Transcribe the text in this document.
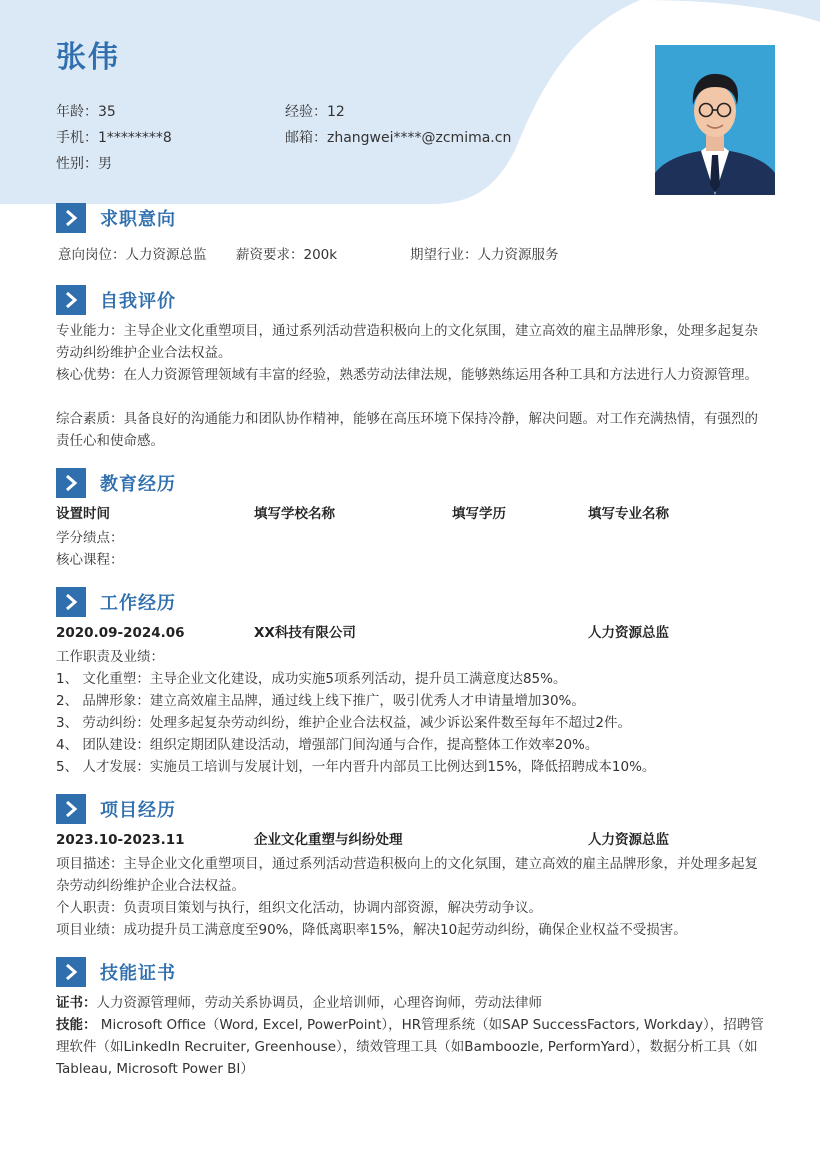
张伟
年龄：35	经验：12
手机：1********8	邮箱：zhangwei****@zcmima.cn
性别：男
求职意向
意向岗位：人力资源总监 薪资要求：200k	期望行业：人力资源服务
自我评价
专业能力：主导企业文化重塑项目，通过系列活动营造积极向上的文化氛围，建立高效的雇主品牌形象，处理多起复杂劳动纠纷维护企业合法权益。
核心优势：在人力资源管理领域有丰富的经验，熟悉劳动法律法规，能够熟练运用各种工具和方法进行人力资源管理。
综合素质：具备良好的沟通能力和团队协作精神，能够在高压环境下保持冷静，解决问题。对工作充满热情，有强烈的责任心和使命感。
教育经历
设置时间	填写学校名称	填写学历	填写专业名称
学分绩点：
核心课程：
工作经历
2020.09-2024.06	XX科技有限公司	人力资源总监
工作职责及业绩：
1、 文化重塑：主导企业文化建设，成功实施5项系列活动，提升员工满意度达85%。
2、 品牌形象：建立高效雇主品牌，通过线上线下推广，吸引优秀人才申请量增加30%。
3、 劳动纠纷：处理多起复杂劳动纠纷，维护企业合法权益，减少诉讼案件数至每年不超过2件。
4、 团队建设：组织定期团队建设活动，增强部门间沟通与合作，提高整体工作效率20%。
5、 人才发展：实施员工培训与发展计划，一年内晋升内部员工比例达到15%，降低招聘成本10%。
项目经历
2023.10-2023.11	企业文化重塑与纠纷处理	人力资源总监
项目描述：主导企业文化重塑项目，通过系列活动营造积极向上的文化氛围，建立高效的雇主品牌形象，并处理多起复杂劳动纠纷维护企业合法权益。
个人职责：负责项目策划与执行，组织文化活动，协调内部资源，解决劳动争议。
项目业绩：成功提升员工满意度至90%，降低离职率15%，解决10起劳动纠纷，确保企业权益不受损害。
技能证书
证书：人力资源管理师，劳动关系协调员，企业培训师，心理咨询师，劳动法律师
技能： Microsoft Office（Word, Excel, PowerPoint），HR管理系统（如SAP SuccessFactors, Workday），招聘管理软件（如LinkedIn Recruiter, Greenhouse），绩效管理工具（如Bamboozle, PerformYard），数据分析工具（如Tableau, Microsoft Power BI）
